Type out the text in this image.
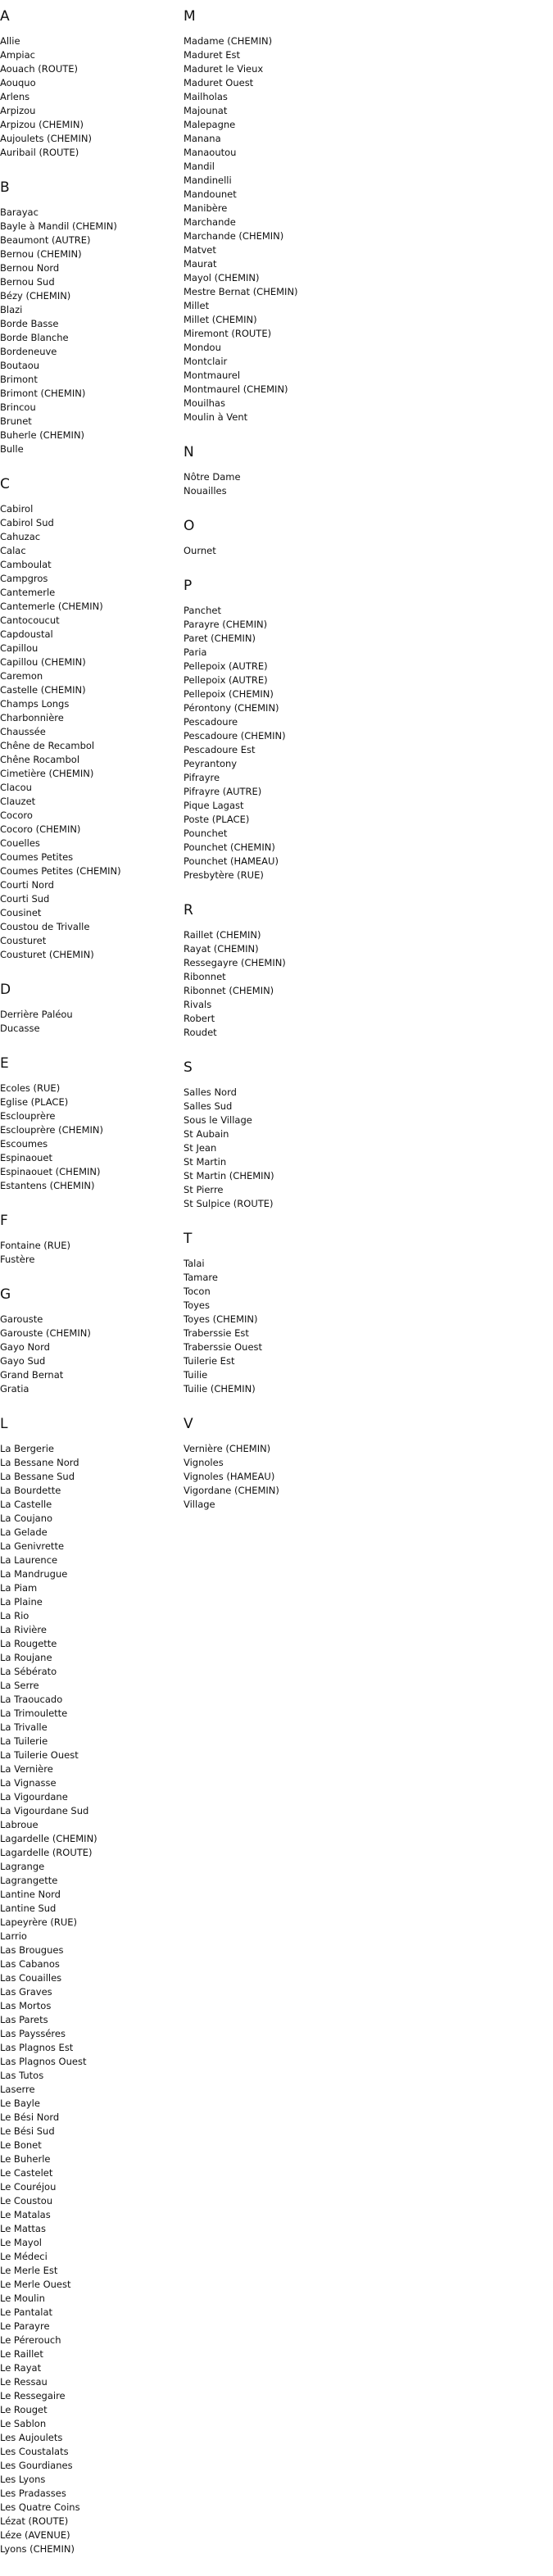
A
Allie
Ampiac
Aouach (ROUTE)
Aouquo
Arlens
Arpizou
Arpizou (CHEMIN)
Aujoulets (CHEMIN)
Auribail (ROUTE)
B
Barayac
Bayle à Mandil (CHEMIN)
Beaumont (AUTRE)
Bernou (CHEMIN)
Bernou Nord
Bernou Sud
Bézy (CHEMIN)
Blazi
Borde Basse
Borde Blanche
Bordeneuve
Boutaou
Brimont
Brimont (CHEMIN)
Brincou
Brunet
Buherle (CHEMIN)
Bulle
C
Cabirol
Cabirol Sud
Cahuzac
Calac
Camboulat
Campgros
Cantemerle
Cantemerle (CHEMIN)
Cantocoucut
Capdoustal
Capillou
Capillou (CHEMIN)
Caremon
Castelle (CHEMIN)
Champs Longs
Charbonnière
Chaussée
Chêne de Recambol
Chêne Rocambol
Cimetière (CHEMIN)
Clacou
Clauzet
Cocoro
Cocoro (CHEMIN)
Couelles
Coumes Petites
Coumes Petites (CHEMIN)
Courti Nord
Courti Sud
Cousinet
Coustou de Trivalle
Cousturet
Cousturet (CHEMIN)
D
Derrière Paléou
Ducasse
E
Ecoles (RUE)
Eglise (PLACE)
Esclouprère
Esclouprère (CHEMIN)
Escoumes
Espinaouet
Espinaouet (CHEMIN)
Estantens (CHEMIN)
F
Fontaine (RUE)
Fustère
G
Garouste
Garouste (CHEMIN)
Gayo Nord
Gayo Sud
Grand Bernat
Gratia
L
La Bergerie
La Bessane Nord
La Bessane Sud
La Bourdette
La Castelle
La Coujano
La Gelade
La Genivrette
La Laurence
La Mandrugue
La Piam
La Plaine
La Rio
La Rivière
La Rougette
La Roujane
La Sébérato
La Serre
La Traoucado
La Trimoulette
La Trivalle
La Tuilerie
La Tuilerie Ouest
La Vernière
La Vignasse
La Vigourdane
La Vigourdane Sud
Labroue
Lagardelle (CHEMIN)
Lagardelle (ROUTE)
Lagrange
Lagrangette
Lantine Nord
Lantine Sud
Lapeyrère (RUE)
Larrio
Las Brougues
Las Cabanos
Las Couailles
Las Graves
Las Mortos
Las Parets
Las Paysséres
Las Plagnos Est
Las Plagnos Ouest
Las Tutos
Laserre
Le Bayle
Le Bési Nord
Le Bési Sud
Le Bonet
Le Buherle
Le Castelet
Le Couréjou
Le Coustou
Le Matalas
Le Mattas
Le Mayol
Le Médeci
Le Merle Est
Le Merle Ouest
Le Moulin
Le Pantalat
Le Parayre
Le Pérerouch
Le Raillet
Le Rayat
Le Ressau
Le Ressegaire
Le Rouget
Le Sablon
Les Aujoulets
Les Coustalats
Les Gourdianes
Les Lyons
Les Pradasses
Les Quatre Coins
Lézat (ROUTE)
Léze (AVENUE)
Lyons (CHEMIN)
M
Madame (CHEMIN)
Maduret Est
Maduret le Vieux
Maduret Ouest
Mailholas
Majounat
Malepagne
Manana
Manaoutou
Mandil
Mandinelli
Mandounet
Manibère
Marchande
Marchande (CHEMIN)
Matvet
Maurat
Mayol (CHEMIN)
Mestre Bernat (CHEMIN)
Millet
Millet (CHEMIN)
Miremont (ROUTE)
Mondou
Montclair
Montmaurel
Montmaurel (CHEMIN)
Mouilhas
Moulin à Vent
N
Nôtre Dame
Nouailles
O
Ournet
P
Panchet
Parayre (CHEMIN)
Paret (CHEMIN)
Paria
Pellepoix (AUTRE)
Pellepoix (AUTRE)
Pellepoix (CHEMIN)
Pérontony (CHEMIN)
Pescadoure
Pescadoure (CHEMIN)
Pescadoure Est
Peyrantony
Pifrayre
Pifrayre (AUTRE)
Pique Lagast
Poste (PLACE)
Pounchet
Pounchet (CHEMIN)
Pounchet (HAMEAU)
Presbytère (RUE)
R
Raillet (CHEMIN)
Rayat (CHEMIN)
Ressegayre (CHEMIN)
Ribonnet
Ribonnet (CHEMIN)
Rivals
Robert
Roudet
S
Salles Nord
Salles Sud
Sous le Village
St Aubain
St Jean
St Martin
St Martin (CHEMIN)
St Pierre
St Sulpice (ROUTE)
T
Talai
Tamare
Tocon
Toyes
Toyes (CHEMIN)
Traberssie Est
Traberssie Ouest
Tuilerie Est
Tuilie
Tuilie (CHEMIN)
V
Vernière (CHEMIN)
Vignoles
Vignoles (HAMEAU)
Vigordane (CHEMIN)
Village
